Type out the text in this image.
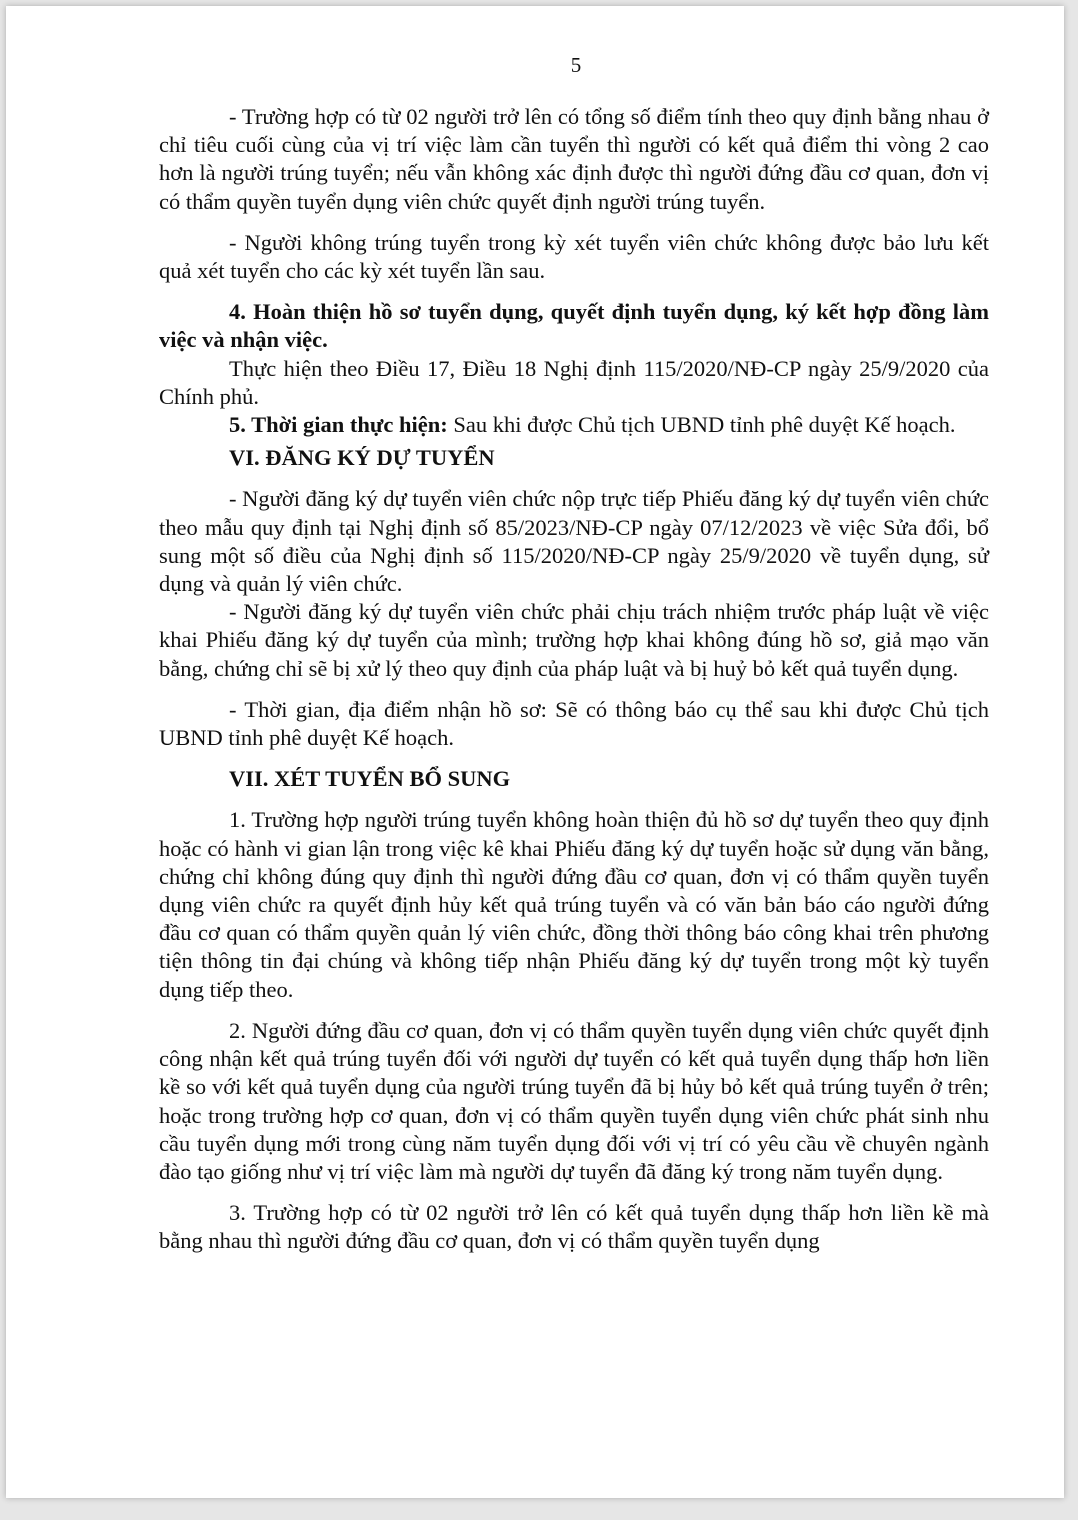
5

- Trường hợp có từ 02 người trở lên có tổng số điểm tính theo quy định bằng nhau ở chỉ tiêu cuối cùng của vị trí việc làm cần tuyển thì người có kết quả điểm thi vòng 2 cao hơn là người trúng tuyển; nếu vẫn không xác định được thì người đứng đầu cơ quan, đơn vị có thẩm quyền tuyển dụng viên chức quyết định người trúng tuyển.

- Người không trúng tuyển trong kỳ xét tuyển viên chức không được bảo lưu kết quả xét tuyển cho các kỳ xét tuyển lần sau.

4. Hoàn thiện hồ sơ tuyển dụng, quyết định tuyển dụng, ký kết hợp đồng làm việc và nhận việc.

Thực hiện theo Điều 17, Điều 18 Nghị định 115/2020/NĐ-CP ngày 25/9/2020 của Chính phủ.

5. Thời gian thực hiện: Sau khi được Chủ tịch UBND tỉnh phê duyệt Kế hoạch.

VI. ĐĂNG KÝ DỰ TUYỂN

- Người đăng ký dự tuyển viên chức nộp trực tiếp Phiếu đăng ký dự tuyển viên chức theo mẫu quy định tại Nghị định số 85/2023/NĐ-CP ngày 07/12/2023 về việc Sửa đổi, bổ sung một số điều của Nghị định số 115/2020/NĐ-CP ngày 25/9/2020 về tuyển dụng, sử dụng và quản lý viên chức.

- Người đăng ký dự tuyển viên chức phải chịu trách nhiệm trước pháp luật về việc khai Phiếu đăng ký dự tuyển của mình; trường hợp khai không đúng hồ sơ, giả mạo văn bằng, chứng chỉ sẽ bị xử lý theo quy định của pháp luật và bị huỷ bỏ kết quả tuyển dụng.

- Thời gian, địa điểm nhận hồ sơ: Sẽ có thông báo cụ thể sau khi được Chủ tịch UBND tỉnh phê duyệt Kế hoạch.

VII. XÉT TUYỂN BỔ SUNG

1. Trường hợp người trúng tuyển không hoàn thiện đủ hồ sơ dự tuyển theo quy định hoặc có hành vi gian lận trong việc kê khai Phiếu đăng ký dự tuyển hoặc sử dụng văn bằng, chứng chỉ không đúng quy định thì người đứng đầu cơ quan, đơn vị có thẩm quyền tuyển dụng viên chức ra quyết định hủy kết quả trúng tuyển và có văn bản báo cáo người đứng đầu cơ quan có thẩm quyền quản lý viên chức, đồng thời thông báo công khai trên phương tiện thông tin đại chúng và không tiếp nhận Phiếu đăng ký dự tuyển trong một kỳ tuyển dụng tiếp theo.

2. Người đứng đầu cơ quan, đơn vị có thẩm quyền tuyển dụng viên chức quyết định công nhận kết quả trúng tuyển đối với người dự tuyển có kết quả tuyển dụng thấp hơn liền kề so với kết quả tuyển dụng của người trúng tuyển đã bị hủy bỏ kết quả trúng tuyển ở trên; hoặc trong trường hợp cơ quan, đơn vị có thẩm quyền tuyển dụng viên chức phát sinh nhu cầu tuyển dụng mới trong cùng năm tuyển dụng đối với vị trí có yêu cầu về chuyên ngành đào tạo giống như vị trí việc làm mà người dự tuyển đã đăng ký trong năm tuyển dụng.

3. Trường hợp có từ 02 người trở lên có kết quả tuyển dụng thấp hơn liền kề mà bằng nhau thì người đứng đầu cơ quan, đơn vị có thẩm quyền tuyển dụng
